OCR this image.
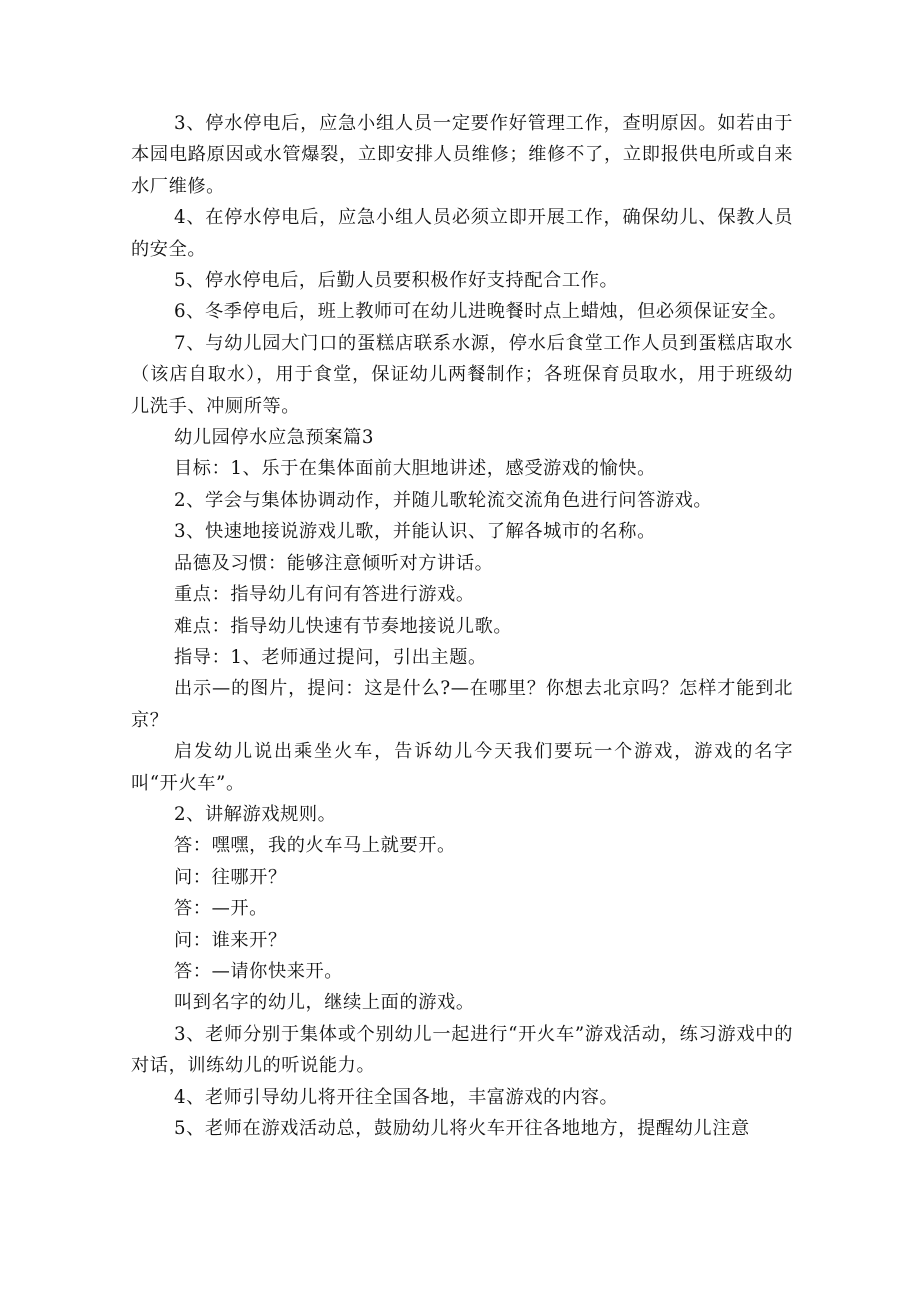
3、停水停电后，应急小组人员一定要作好管理工作，查明原因。如若由于本园电路原因或水管爆裂，立即安排人员维修；维修不了，立即报供电所或自来水厂维修。

4、在停水停电后，应急小组人员必须立即开展工作，确保幼儿、保教人员的安全。

5、停水停电后，后勤人员要积极作好支持配合工作。

6、冬季停电后，班上教师可在幼儿进晚餐时点上蜡烛，但必须保证安全。

7、与幼儿园大门口的蛋糕店联系水源，停水后食堂工作人员到蛋糕店取水（该店自取水），用于食堂，保证幼儿两餐制作；各班保育员取水，用于班级幼儿洗手、冲厕所等。

幼儿园停水应急预案篇3

目标：1、乐于在集体面前大胆地讲述，感受游戏的愉快。

2、学会与集体协调动作，并随儿歌轮流交流角色进行问答游戏。

3、快速地接说游戏儿歌，并能认识、了解各城市的名称。

品德及习惯：能够注意倾听对方讲话。

重点：指导幼儿有问有答进行游戏。

难点：指导幼儿快速有节奏地接说儿歌。

指导：1、老师通过提问，引出主题。

出示—的图片，提问：这是什么?—在哪里？你想去北京吗？怎样才能到北京？

启发幼儿说出乘坐火车，告诉幼儿今天我们要玩一个游戏，游戏的名字叫“开火车”。

2、讲解游戏规则。

答：嘿嘿，我的火车马上就要开。

问：往哪开？

答：—开。

问：谁来开？

答：—请你快来开。

叫到名字的幼儿，继续上面的游戏。

3、老师分别于集体或个别幼儿一起进行“开火车”游戏活动，练习游戏中的对话，训练幼儿的听说能力。

4、老师引导幼儿将开往全国各地，丰富游戏的内容。

5、老师在游戏活动总，鼓励幼儿将火车开往各地地方，提醒幼儿注意
